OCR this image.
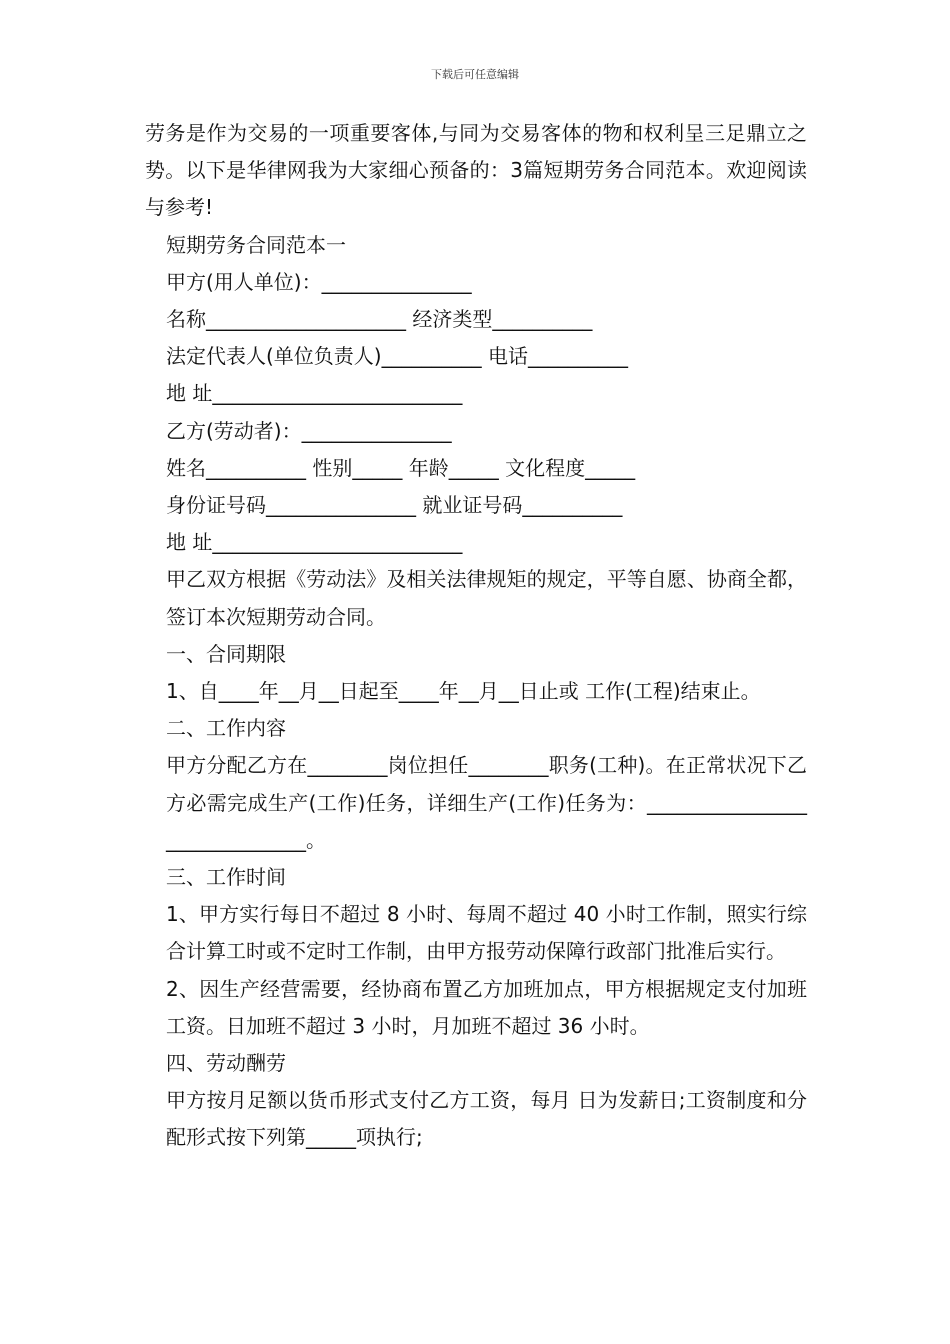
下载后可任意编辑

劳务是作为交易的一项重要客体,与同为交易客体的物和权利呈三足鼎立之势。以下是华律网我为大家细心预备的：3篇短期劳务合同范本。欢迎阅读与参考!

短期劳务合同范本一

甲方(用人单位)：_______________

名称____________________ 经济类型__________

法定代表人(单位负责人)__________ 电话__________

地 址_________________________

乙方(劳动者)：_______________

姓名__________ 性别_____ 年龄_____ 文化程度_____

身份证号码_______________ 就业证号码__________

地 址_________________________

甲乙双方根据《劳动法》及相关法律规矩的规定，平等自愿、协商全都，签订本次短期劳动合同。

一、合同期限

1、自____年__月__日起至____年__月__日止或 工作(工程)结束止。

二、工作内容

甲方分配乙方在________岗位担任________职务(工种)。在正常状况下乙方必需完成生产(工作)任务，详细生产(工作)任务为：______________________________。

三、工作时间

1、甲方实行每日不超过 8 小时、每周不超过 40 小时工作制，照实行综合计算工时或不定时工作制，由甲方报劳动保障行政部门批准后实行。

2、因生产经营需要，经协商布置乙方加班加点，甲方根据规定支付加班工资。日加班不超过 3 小时，月加班不超过 36 小时。

四、劳动酬劳

甲方按月足额以货币形式支付乙方工资，每月 日为发薪日;工资制度和分配形式按下列第_____项执行;
